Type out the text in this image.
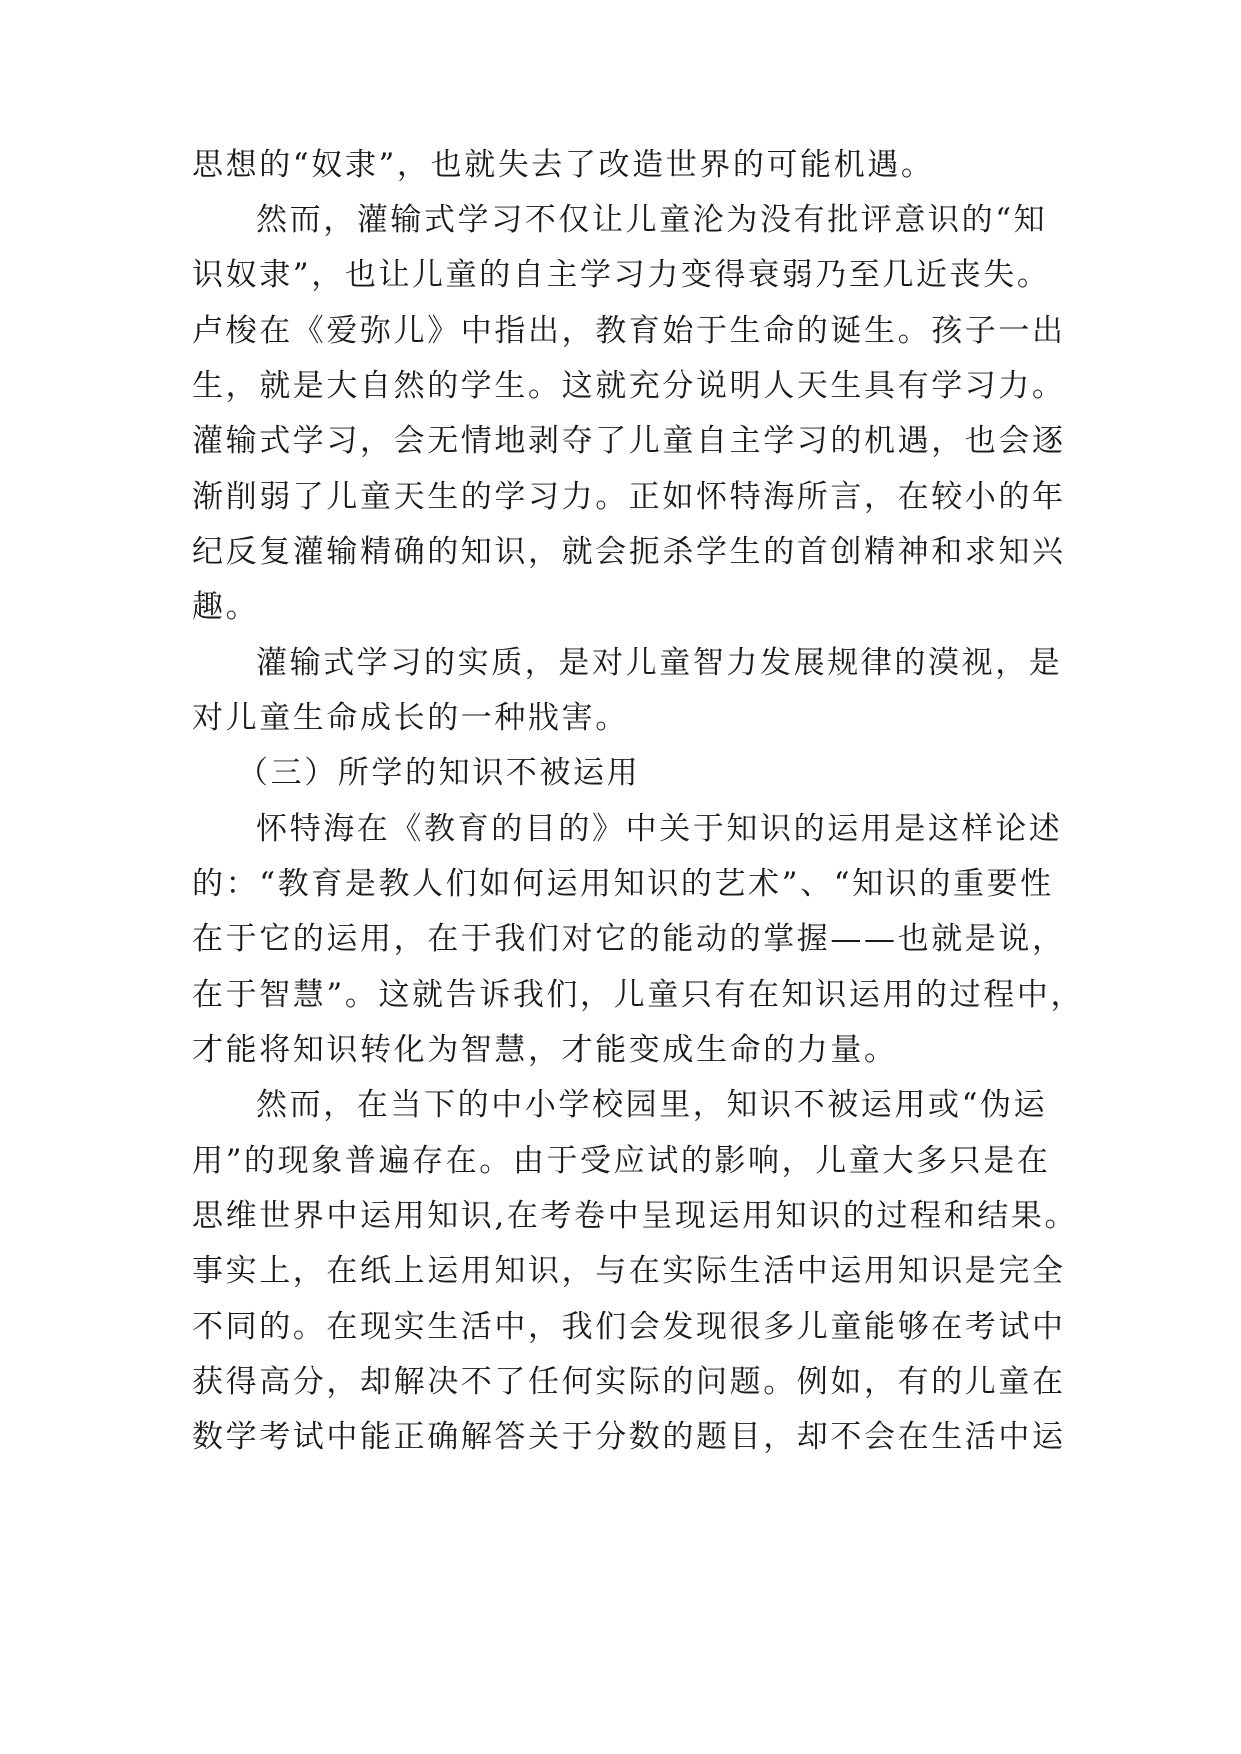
思想的“奴隶”，也就失去了改造世界的可能机遇。
然而，灌输式学习不仅让儿童沦为没有批评意识的“知
识奴隶”，也让儿童的自主学习力变得衰弱乃至几近丧失。
卢梭在《爱弥儿》中指出，教育始于生命的诞生。孩子一出
生，就是大自然的学生。这就充分说明人天生具有学习力。
灌输式学习，会无情地剥夺了儿童自主学习的机遇，也会逐
渐削弱了儿童天生的学习力。正如怀特海所言，在较小的年
纪反复灌输精确的知识，就会扼杀学生的首创精神和求知兴
趣。
灌输式学习的实质，是对儿童智力发展规律的漠视，是
对儿童生命成长的一种戕害。
（三）所学的知识不被运用
怀特海在《教育的目的》中关于知识的运用是这样论述
的：“教育是教人们如何运用知识的艺术”、“知识的重要性
在于它的运用，在于我们对它的能动的掌握——也就是说，
在于智慧”。这就告诉我们，儿童只有在知识运用的过程中，
才能将知识转化为智慧，才能变成生命的力量。
然而，在当下的中小学校园里，知识不被运用或“伪运
用”的现象普遍存在。由于受应试的影响，儿童大多只是在
思维世界中运用知识,在考卷中呈现运用知识的过程和结果。
事实上，在纸上运用知识，与在实际生活中运用知识是完全
不同的。在现实生活中，我们会发现很多儿童能够在考试中
获得高分，却解决不了任何实际的问题。例如，有的儿童在
数学考试中能正确解答关于分数的题目，却不会在生活中运
